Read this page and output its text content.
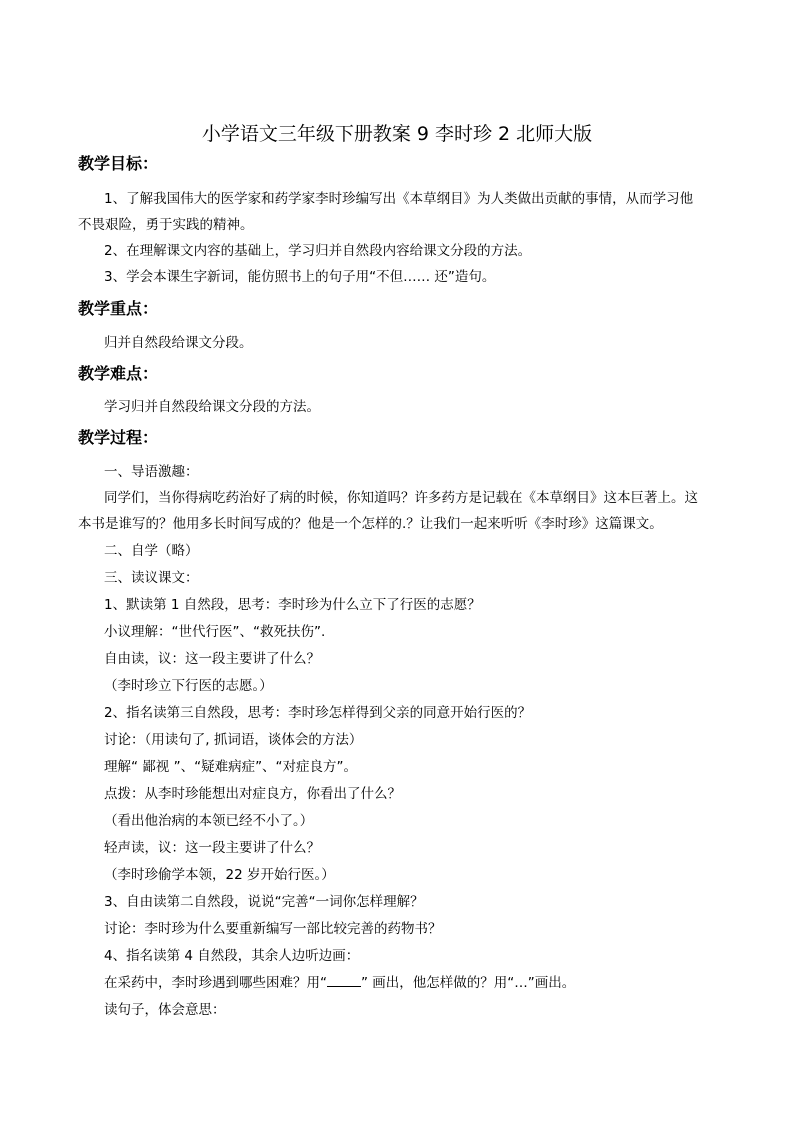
小学语文三年级下册教案 9 李时珍 2 北师大版
教学目标：
1、了解我国伟大的医学家和药学家李时珍编写出《本草纲目》为人类做出贡献的事情，从而学习他
不畏艰险，勇于实践的精神。
2、在理解课文内容的基础上，学习归并自然段内容给课文分段的方法。
3、学会本课生字新词，能仿照书上的句子用“不但…… 还”造句。
教学重点：
归并自然段给课文分段。
教学难点：
学习归并自然段给课文分段的方法。
教学过程：
一、导语激趣：
同学们，当你得病吃药治好了病的时候，你知道吗？许多药方是记载在《本草纲目》这本巨著上。这
本书是谁写的？他用多长时间写成的？他是一个怎样的.？让我们一起来听听《李时珍》这篇课文。
二、自学（略）
三、读议课文：
1、默读第 1 自然段，思考：李时珍为什么立下了行医的志愿？
小议理解：“世代行医”、“救死扶伤”.
自由读，议：这一段主要讲了什么？
（李时珍立下行医的志愿。）
2、指名读第三自然段，思考：李时珍怎样得到父亲的同意开始行医的？
讨论：（用读句了, 抓词语，谈体会的方法）
理解“ 鄙视 ”、“疑难病症”、“对症良方”。
点拨：从李时珍能想出对症良方，你看出了什么？
（看出他治病的本领已经不小了。）
轻声读，议：这一段主要讲了什么？
（李时珍偷学本领，22 岁开始行医。）
3、自由读第二自然段，说说“完善“一词你怎样理解？
讨论：李时珍为什么要重新编写一部比较完善的药物书？
4、指名读第 4 自然段，其余人边听边画：
在采药中，李时珍遇到哪些困难？用“	” 画出，他怎样做的？用“…”画出。
读句子，体会意思：
